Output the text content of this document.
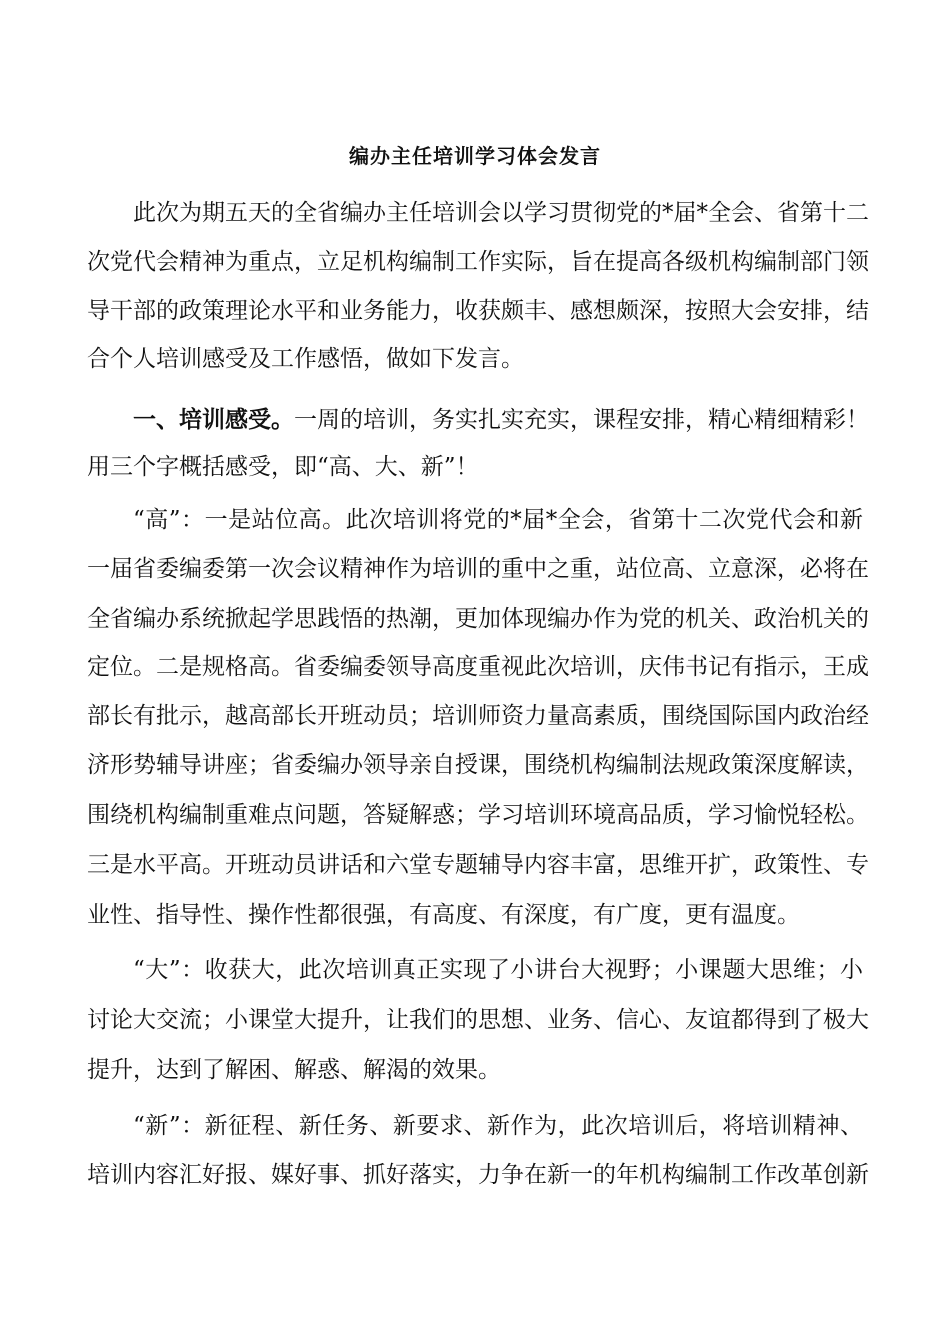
编办主任培训学习体会发言
此次为期五天的全省编办主任培训会以学习贯彻党的*届*全会、省第十二
次党代会精神为重点，立足机构编制工作实际，旨在提高各级机构编制部门领
导干部的政策理论水平和业务能力，收获颇丰、感想颇深，按照大会安排，结
合个人培训感受及工作感悟，做如下发言。
一、培训感受。一周的培训，务实扎实充实，课程安排，精心精细精彩！
用三个字概括感受，即“高、大、新”！
“高”：一是站位高。此次培训将党的*届*全会，省第十二次党代会和新
一届省委编委第一次会议精神作为培训的重中之重，站位高、立意深，必将在
全省编办系统掀起学思践悟的热潮，更加体现编办作为党的机关、政治机关的
定位。二是规格高。省委编委领导高度重视此次培训，庆伟书记有指示，王成
部长有批示，越高部长开班动员；培训师资力量高素质，围绕国际国内政治经
济形势辅导讲座；省委编办领导亲自授课，围绕机构编制法规政策深度解读，
围绕机构编制重难点问题，答疑解惑；学习培训环境高品质，学习愉悦轻松。
三是水平高。开班动员讲话和六堂专题辅导内容丰富，思维开扩，政策性、专
业性、指导性、操作性都很强，有高度、有深度，有广度，更有温度。
“大”：收获大，此次培训真正实现了小讲台大视野；小课题大思维；小
讨论大交流；小课堂大提升，让我们的思想、业务、信心、友谊都得到了极大
提升，达到了解困、解惑、解渴的效果。
“新”：新征程、新任务、新要求、新作为，此次培训后，将培训精神、
培训内容汇好报、媒好事、抓好落实，力争在新一的年机构编制工作改革创新
